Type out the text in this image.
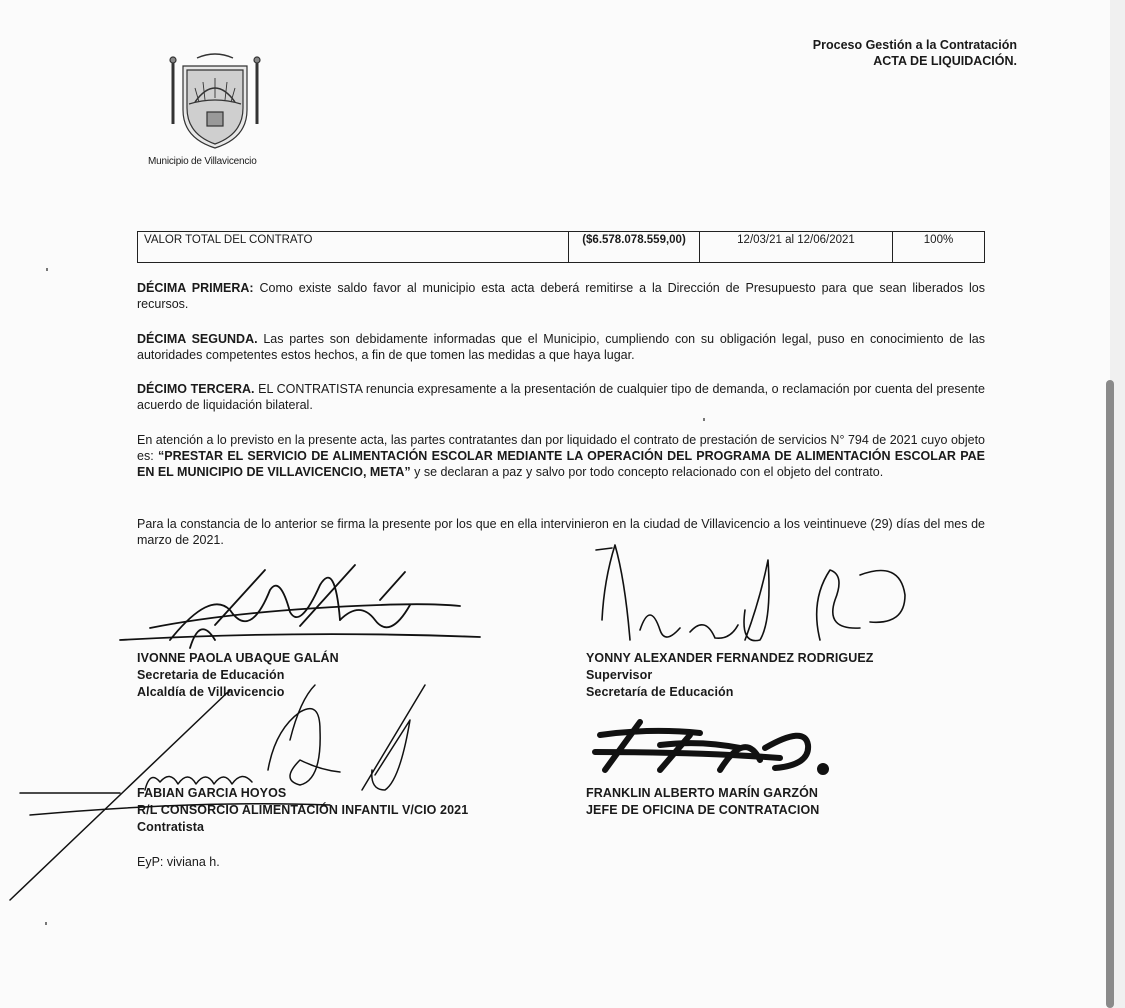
Proceso Gestión a la Contratación
ACTA DE LIQUIDACIÓN.
Municipio de Villavicencio
VALOR TOTAL DEL CONTRATO	($6.578.078.559,00)	12/03/21 al 12/06/2021	100%
DÉCIMA PRIMERA: Como existe saldo favor al municipio esta acta deberá remitirse a la Dirección de Presupuesto para que sean liberados los recursos.
DÉCIMA SEGUNDA. Las partes son debidamente informadas que el Municipio, cumpliendo con su obligación legal, puso en conocimiento de las autoridades competentes estos hechos, a fin de que tomen las medidas a que haya lugar.
DÉCIMO TERCERA. EL CONTRATISTA renuncia expresamente a la presentación de cualquier tipo de demanda, o reclamación por cuenta del presente acuerdo de liquidación bilateral.
En atención a lo previsto en la presente acta, las partes contratantes dan por liquidado el contrato de prestación de servicios N° 794 de 2021 cuyo objeto es: “PRESTAR EL SERVICIO DE ALIMENTACIÓN ESCOLAR MEDIANTE LA OPERACIÓN DEL PROGRAMA DE ALIMENTACIÓN ESCOLAR PAE EN EL MUNICIPIO DE VILLAVICENCIO, META” y se declaran a paz y salvo por todo concepto relacionado con el objeto del contrato.
Para la constancia de lo anterior se firma la presente por los que en ella intervinieron en la ciudad de Villavicencio a los veintinueve (29) días del mes de marzo de 2021.
IVONNE PAOLA UBAQUE GALÁN
Secretaria de Educación
Alcaldía de Villavicencio
YONNY ALEXANDER FERNANDEZ RODRIGUEZ
Supervisor
Secretaría de Educación
FABIAN GARCIA HOYOS
R/L CONSORCIO ALIMENTACIÓN INFANTIL V/CIO 2021
Contratista
FRANKLIN ALBERTO MARÍN GARZÓN
JEFE DE OFICINA DE CONTRATACION
EyP: viviana h.
